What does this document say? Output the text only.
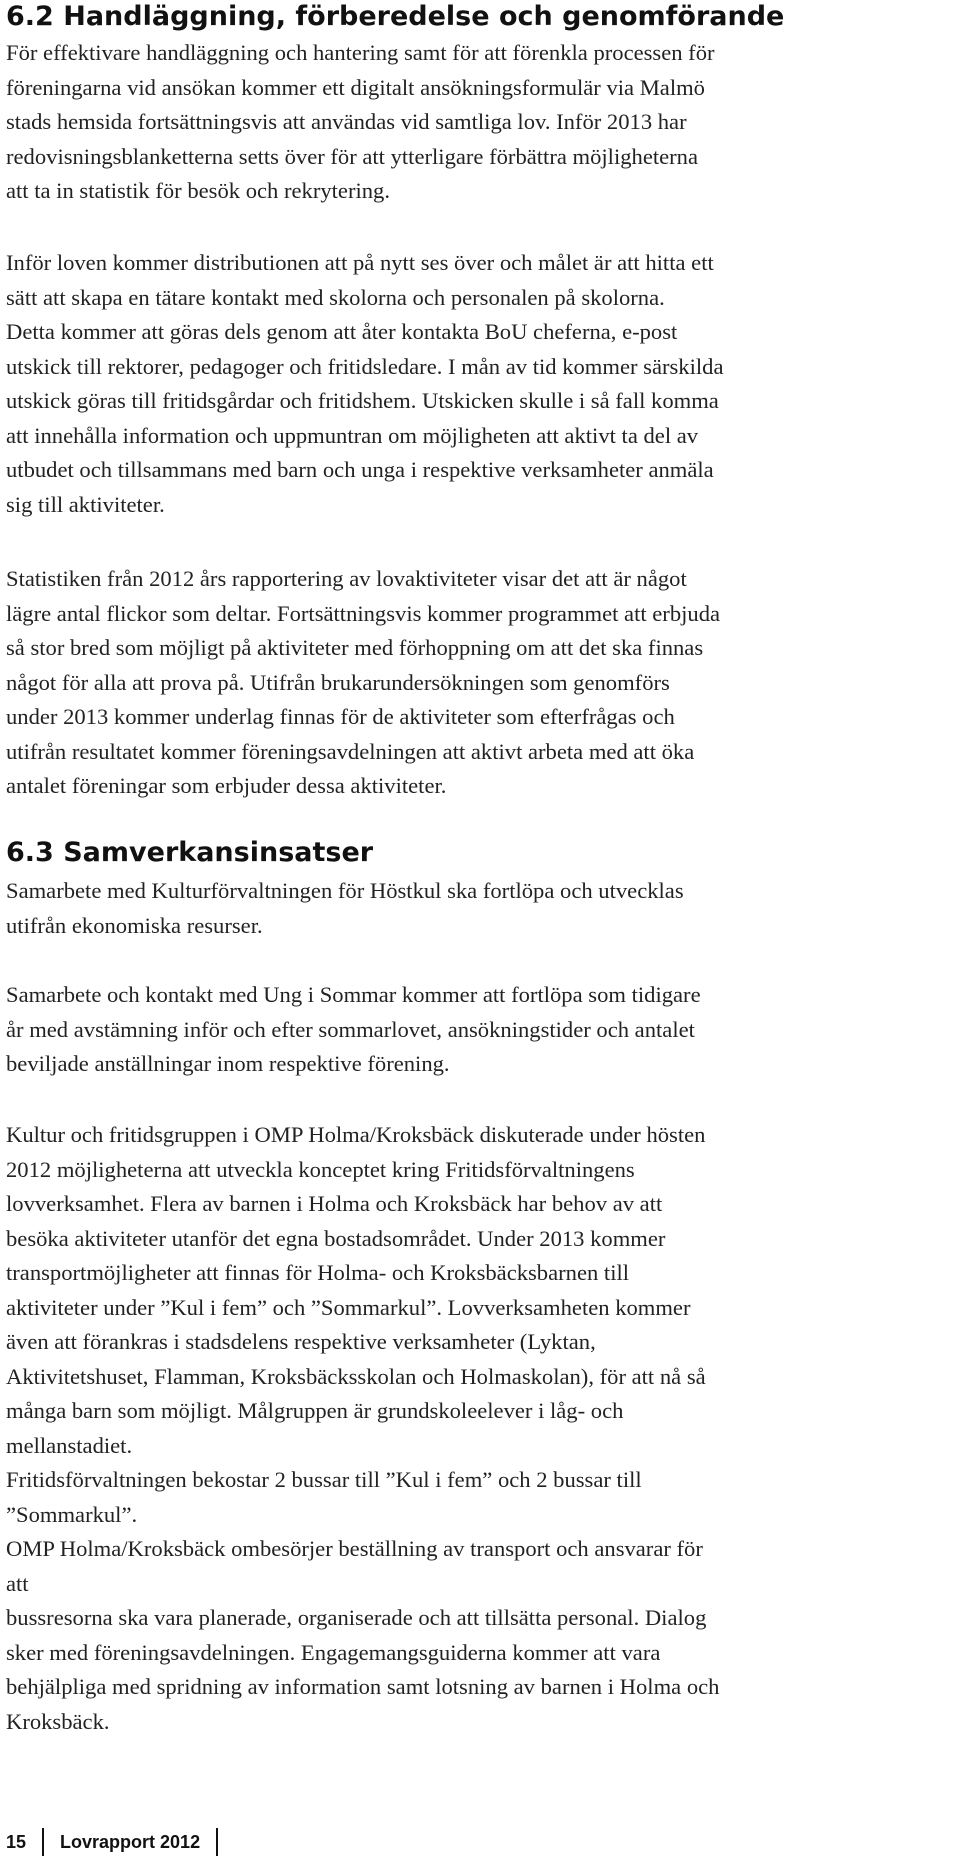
6.2 Handläggning, förberedelse och genomförande
För effektivare handläggning och hantering samt för att förenkla processen för
föreningarna vid ansökan kommer ett digitalt ansökningsformulär via Malmö
stads hemsida fortsättningsvis att användas vid samtliga lov. Inför 2013 har
redovisningsblanketterna setts över för att ytterligare förbättra möjligheterna
att ta in statistik för besök och rekrytering.
Inför loven kommer distributionen att på nytt ses över och målet är att hitta ett
sätt att skapa en tätare kontakt med skolorna och personalen på skolorna.
Detta kommer att göras dels genom att åter kontakta BoU cheferna, e-post
utskick till rektorer, pedagoger och fritidsledare. I mån av tid kommer särskilda
utskick göras till fritidsgårdar och fritidshem. Utskicken skulle i så fall komma
att innehålla information och uppmuntran om möjligheten att aktivt ta del av
utbudet och tillsammans med barn och unga i respektive verksamheter anmäla
sig till aktiviteter.
Statistiken från 2012 års rapportering av lovaktiviteter visar det att är något
lägre antal flickor som deltar. Fortsättningsvis kommer programmet att erbjuda
så stor bred som möjligt på aktiviteter med förhoppning om att det ska finnas
något för alla att prova på. Utifrån brukarundersökningen som genomförs
under 2013 kommer underlag finnas för de aktiviteter som efterfrågas och
utifrån resultatet kommer föreningsavdelningen att aktivt arbeta med att öka
antalet föreningar som erbjuder dessa aktiviteter.
6.3 Samverkansinsatser
Samarbete med Kulturförvaltningen för Höstkul ska fortlöpa och utvecklas
utifrån ekonomiska resurser.
Samarbete och kontakt med Ung i Sommar kommer att fortlöpa som tidigare
år med avstämning inför och efter sommarlovet, ansökningstider och antalet
beviljade anställningar inom respektive förening.
Kultur och fritidsgruppen i OMP Holma/Kroksbäck diskuterade under hösten
2012 möjligheterna att utveckla konceptet kring Fritidsförvaltningens
lovverksamhet. Flera av barnen i Holma och Kroksbäck har behov av att
besöka aktiviteter utanför det egna bostadsområdet. Under 2013 kommer
transportmöjligheter att finnas för Holma- och Kroksbäcksbarnen till
aktiviteter under ”Kul i fem” och ”Sommarkul”. Lovverksamheten kommer
även att förankras i stadsdelens respektive verksamheter (Lyktan,
Aktivitetshuset, Flamman, Kroksbäcksskolan och Holmaskolan), för att nå så
många barn som möjligt. Målgruppen är grundskoleelever i låg- och
mellanstadiet.
Fritidsförvaltningen bekostar 2 bussar till ”Kul i fem” och 2 bussar till
”Sommarkul”.
OMP Holma/Kroksbäck ombesörjer beställning av transport och ansvarar för
att
bussresorna ska vara planerade, organiserade och att tillsätta personal. Dialog
sker med föreningsavdelningen. Engagemangsguiderna kommer att vara
behjälpliga med spridning av information samt lotsning av barnen i Holma och
Kroksbäck.
15 Lovrapport 2012
